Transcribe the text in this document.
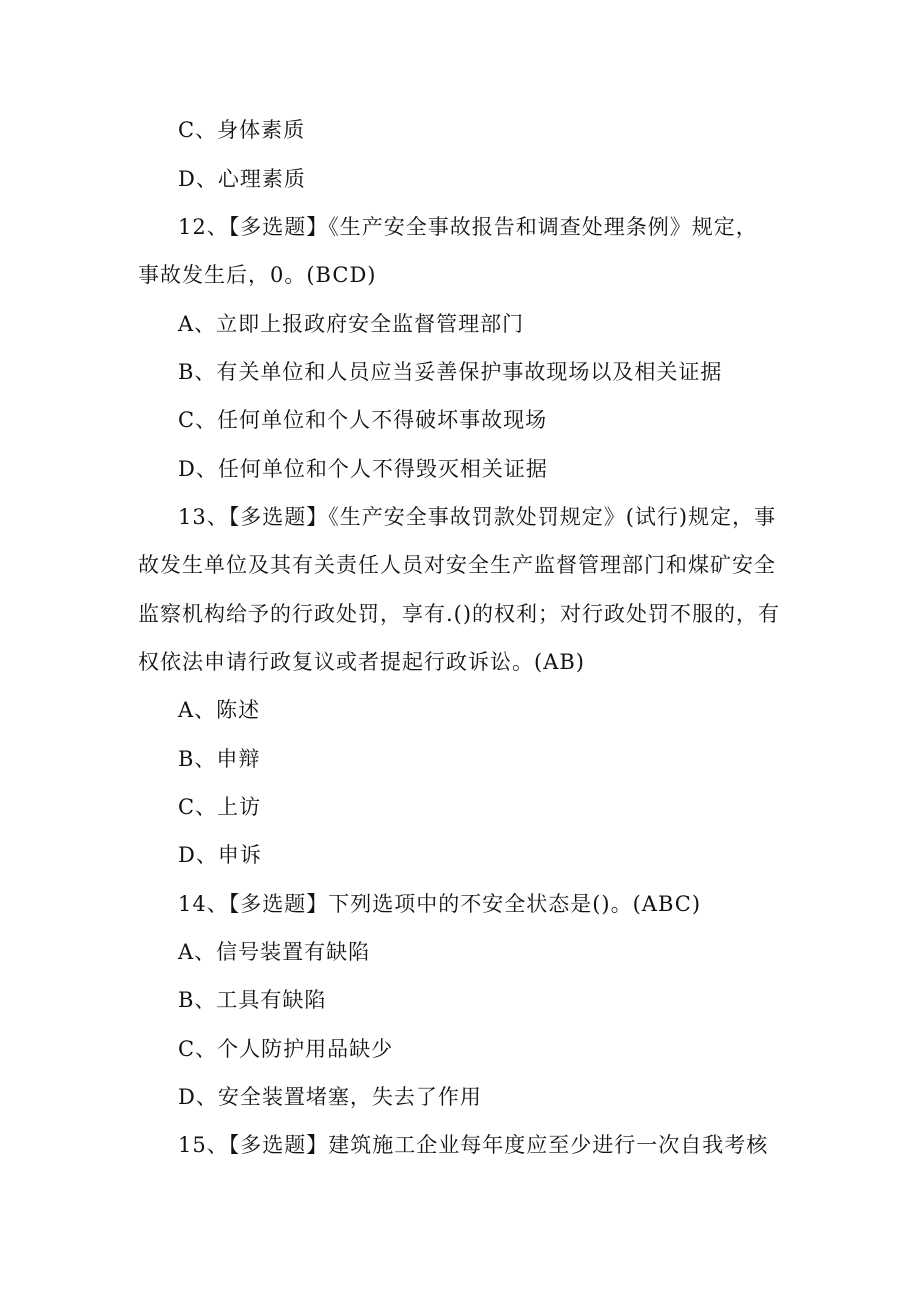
C、身体素质
D、心理素质
12、【多选题】《生产安全事故报告和调查处理条例》规定，
事故发生后，0。(BCD)
A、立即上报政府安全监督管理部门
B、有关单位和人员应当妥善保护事故现场以及相关证据
C、任何单位和个人不得破坏事故现场
D、任何单位和个人不得毁灭相关证据
13、【多选题】《生产安全事故罚款处罚规定》(试行)规定，事
故发生单位及其有关责任人员对安全生产监督管理部门和煤矿安全
监察机构给予的行政处罚，享有.()的权利；对行政处罚不服的，有
权依法申请行政复议或者提起行政诉讼。(AB)
A、陈述
B、申辩
C、上访
D、申诉
14、【多选题】下列选项中的不安全状态是()。(ABC)
A、信号装置有缺陷
B、工具有缺陷
C、个人防护用品缺少
D、安全装置堵塞，失去了作用
15、【多选题】建筑施工企业每年度应至少进行一次自我考核
